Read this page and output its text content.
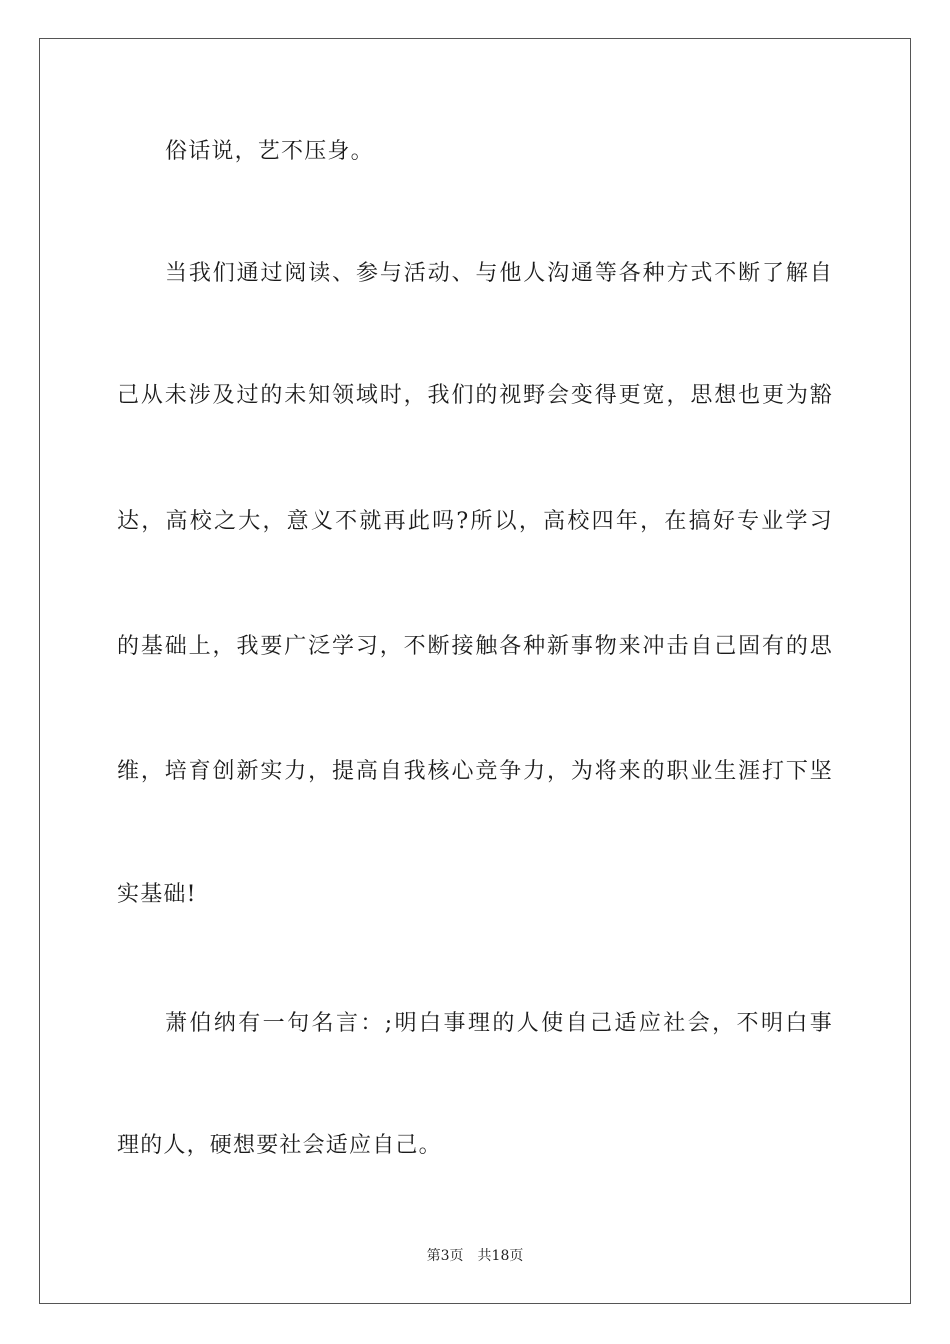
俗话说，艺不压身。
当我们通过阅读、参与活动、与他人沟通等各种方式不断了解自
己从未涉及过的未知领域时，我们的视野会变得更宽，思想也更为豁
达，高校之大，意义不就再此吗?所以，高校四年，在搞好专业学习
的基础上，我要广泛学习，不断接触各种新事物来冲击自己固有的思
维，培育创新实力，提高自我核心竞争力，为将来的职业生涯打下坚
实基础!
萧伯纳有一句名言：;明白事理的人使自己适应社会，不明白事
理的人，硬想要社会适应自己。
第3页 共18页
